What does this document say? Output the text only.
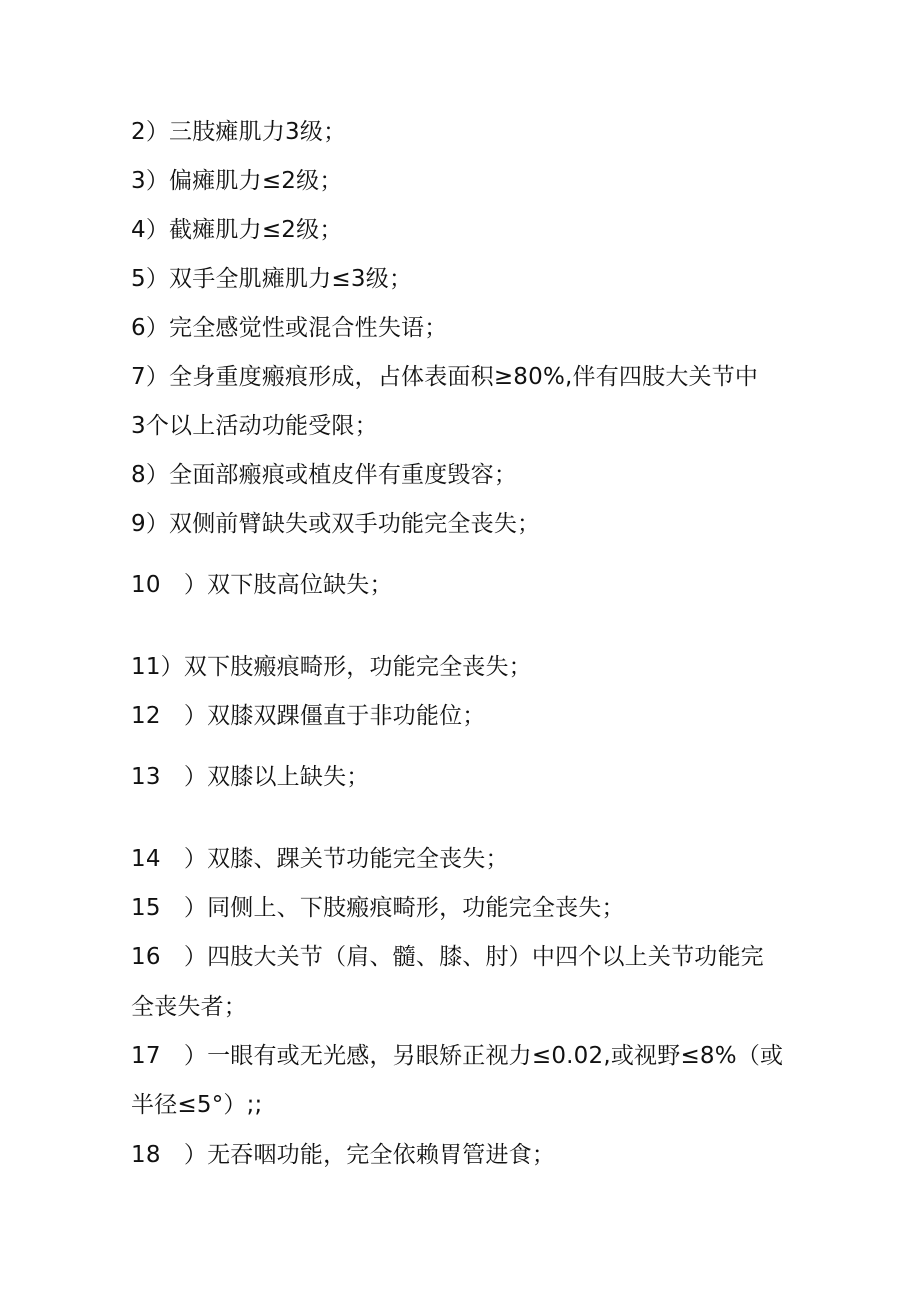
2）三肢瘫肌力3级；
3）偏瘫肌力≤2级；
4）截瘫肌力≤2级；
5）双手全肌瘫肌力≤3级；
6）完全感觉性或混合性失语；
7）全身重度瘢痕形成，占体表面积≥80%,伴有四肢大关节中
3个以上活动功能受限；
8）全面部瘢痕或植皮伴有重度毁容；
9）双侧前臂缺失或双手功能完全丧失；
10　）双下肢高位缺失；
11）双下肢瘢痕畸形，功能完全丧失；
12　）双膝双踝僵直于非功能位；
13　）双膝以上缺失；
14　）双膝、踝关节功能完全丧失；
15　）同侧上、下肢瘢痕畸形，功能完全丧失；
16　）四肢大关节（肩、髓、膝、肘）中四个以上关节功能完
全丧失者；
17　）一眼有或无光感，另眼矫正视力≤0.02,或视野≤8%（或
半径≤5°）;;
18　）无吞咽功能，完全依赖胃管进食；
